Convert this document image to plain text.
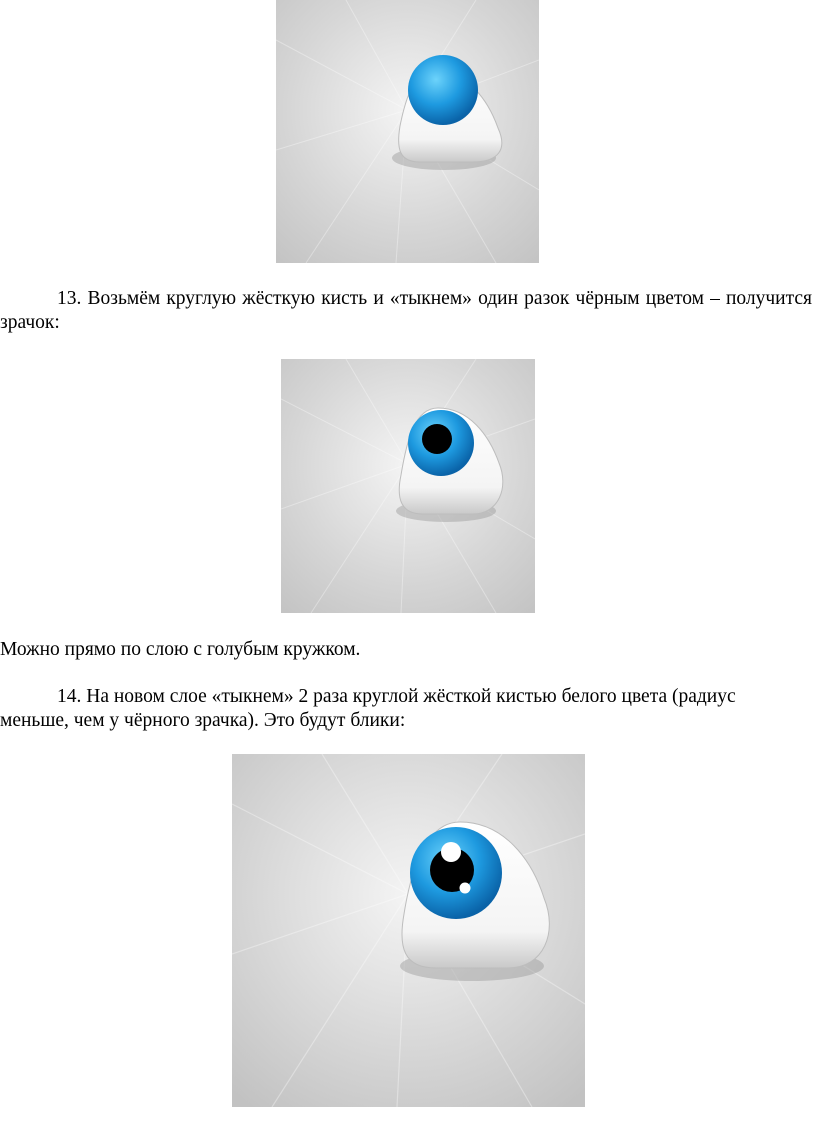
13. Возьмём круглую жёсткую кисть и «тыкнем» один разок чёрным цветом – получится зрачок:

Можно прямо по слою с голубым кружком.

14. На новом слое «тыкнем» 2 раза круглой жёсткой кистью белого цвета (радиус меньше, чем у чёрного зрачка). Это будут блики:
